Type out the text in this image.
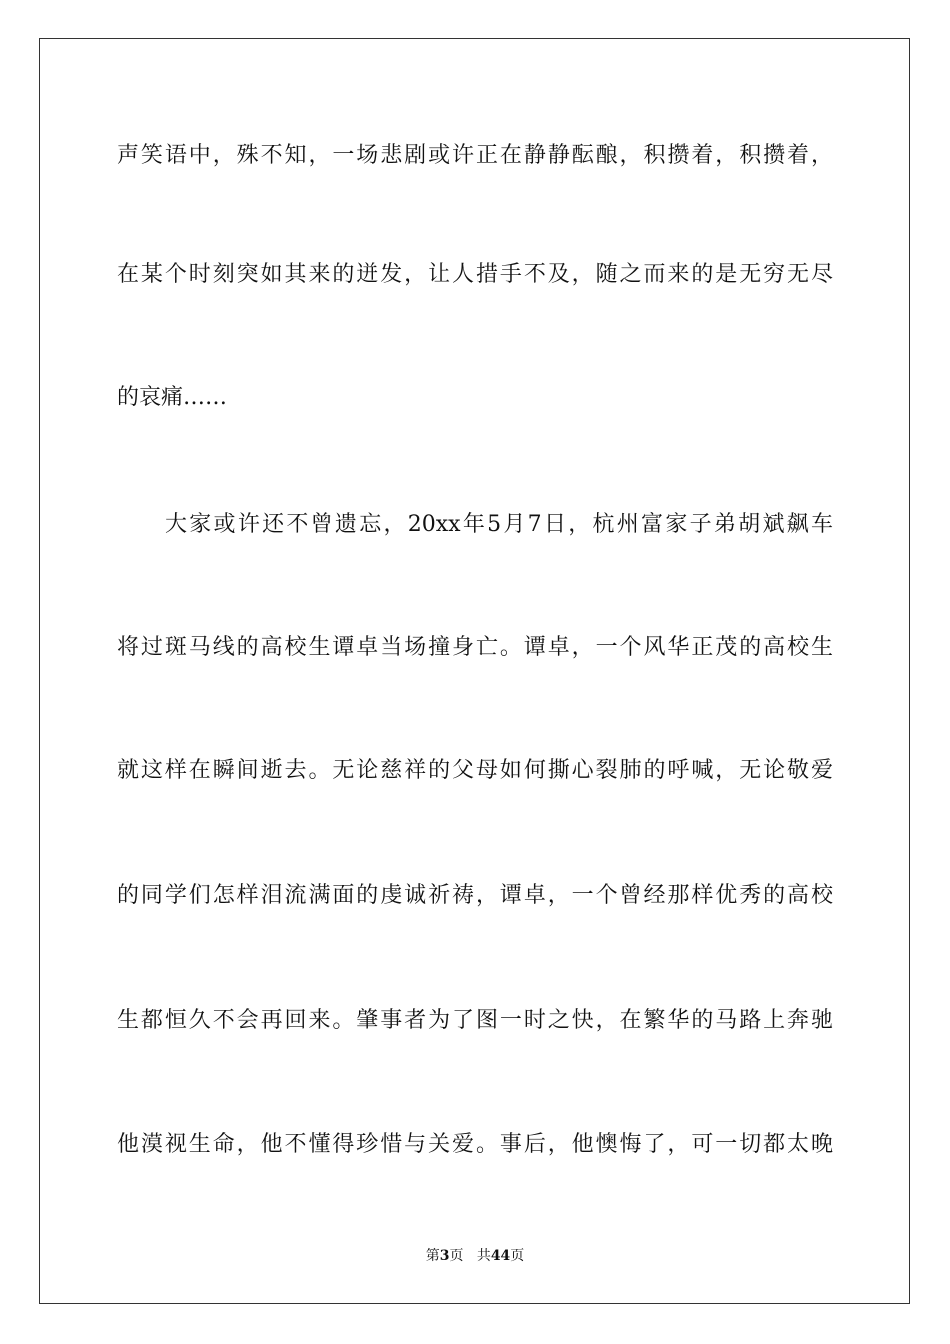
声笑语中，殊不知，一场悲剧或许正在静静酝酿，积攒着，积攒着，
在某个时刻突如其来的迸发，让人措手不及，随之而来的是无穷无尽
的哀痛……
大家或许还不曾遗忘，20xx年5月7日，杭州富家子弟胡斌飙车
将过斑马线的高校生谭卓当场撞身亡。谭卓，一个风华正茂的高校生
就这样在瞬间逝去。无论慈祥的父母如何撕心裂肺的呼喊，无论敬爱
的同学们怎样泪流满面的虔诚祈祷，谭卓，一个曾经那样优秀的高校
生都恒久不会再回来。肇事者为了图一时之快，在繁华的马路上奔驰
他漠视生命，他不懂得珍惜与关爱。事后，他懊悔了，可一切都太晚
第3页 共44页
